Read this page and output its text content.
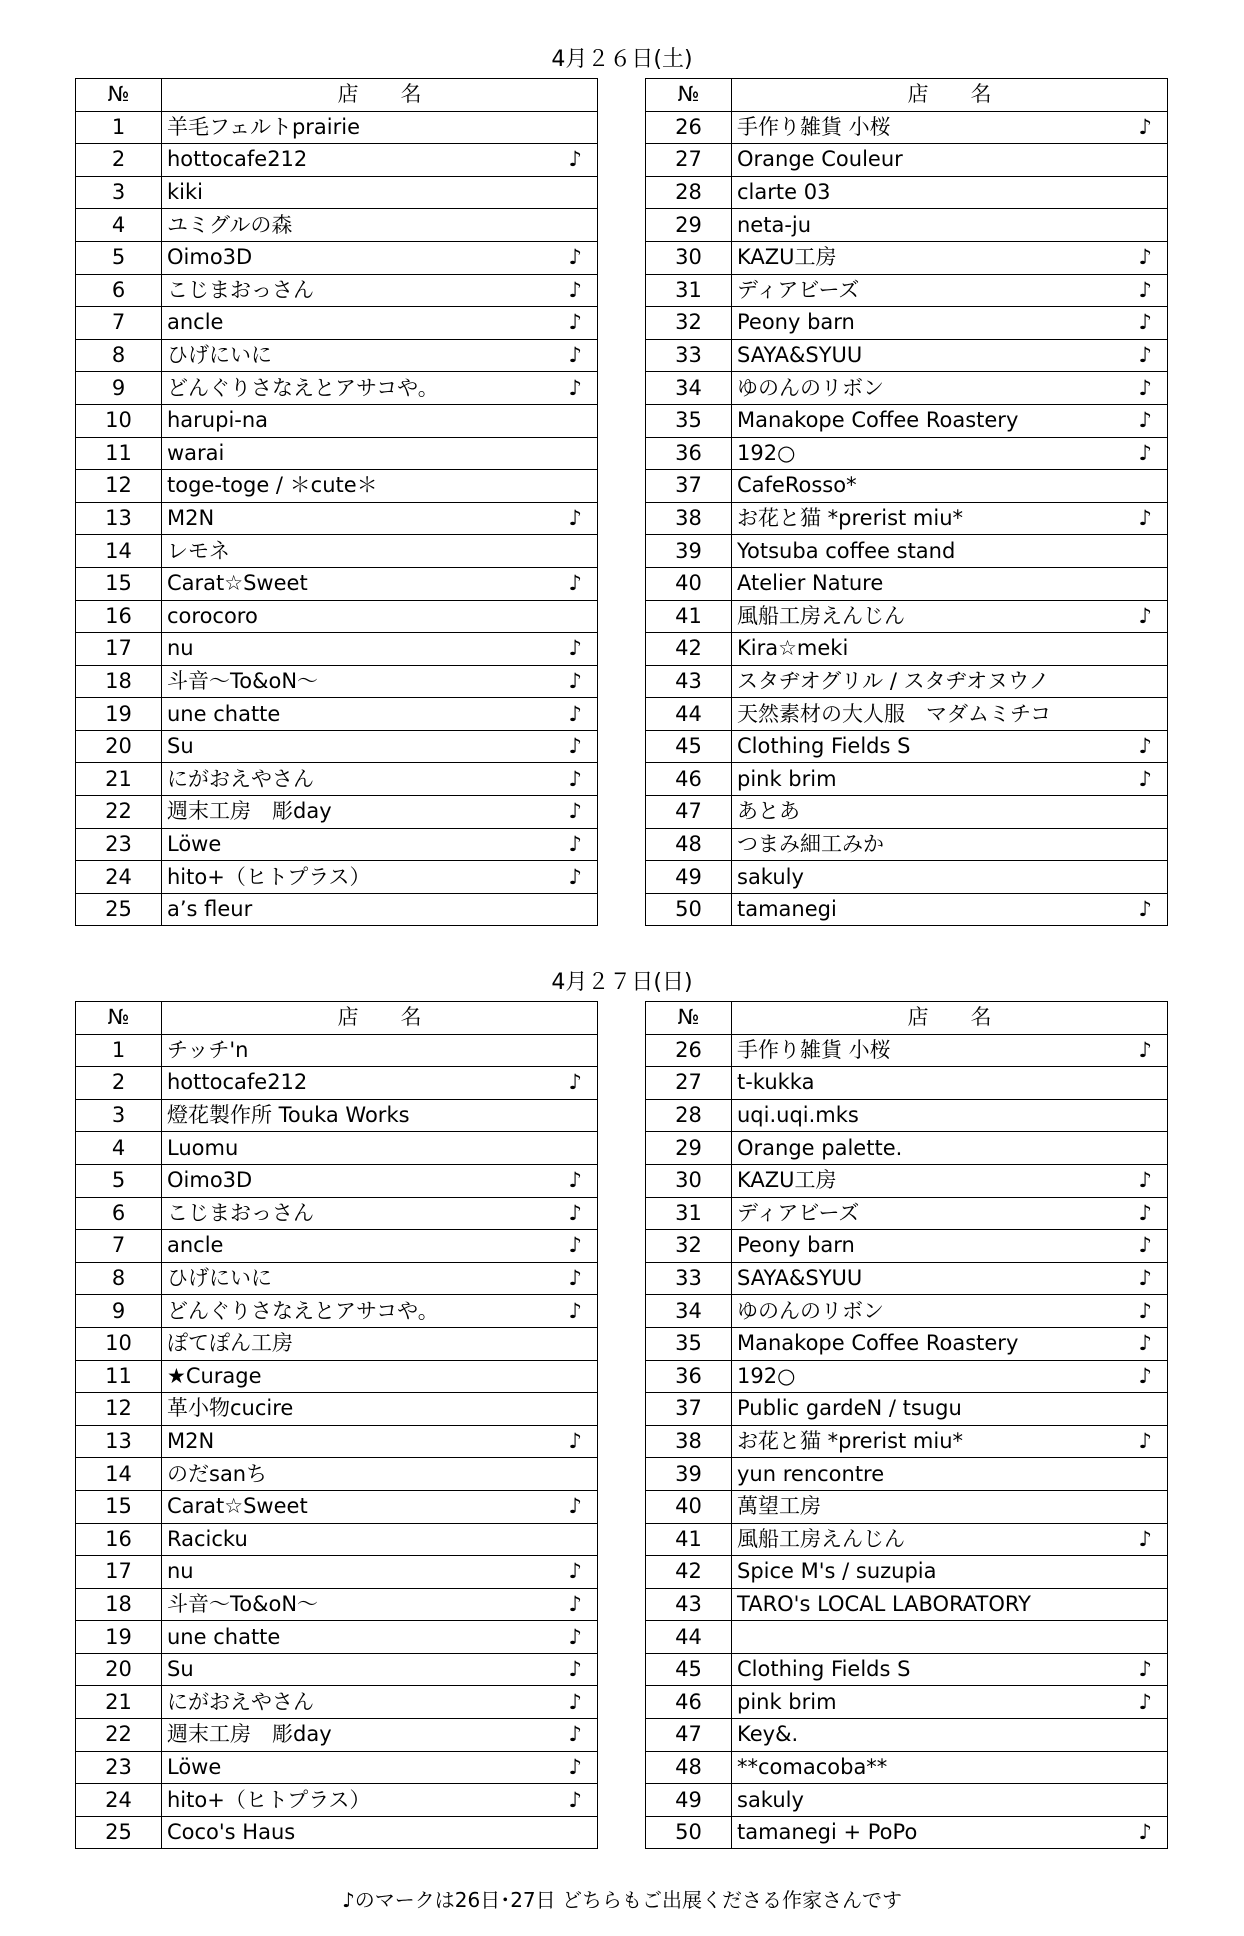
4月２６日(土)
№	店　　名	
1	羊毛フェルトprairie	
2	hottocafe212	♪
3	kiki	
4	ユミグルの森	
5	Oimo3D	♪
6	こじまおっさん	♪
7	ancle	♪
8	ひげにいに	♪
9	どんぐりさなえとアサコや。	♪
10	harupi-na	
11	warai	
12	toge-toge / ＊cute＊	
13	M2N	♪
14	レモネ	
15	Carat☆Sweet	♪
16	corocoro	
17	nu	♪
18	斗音～To&oN～	♪
19	une chatte	♪
20	Su	♪
21	にがおえやさん	♪
22	週末工房　彫day	♪
23	Löwe	♪
24	hito+（ヒトプラス）	♪
25	a’s fleur	
№	店　　名	
26	手作り雑貨 小桜	♪
27	Orange Couleur	
28	clarte 03	
29	neta-ju	
30	KAZU工房	♪
31	ディアビーズ	♪
32	Peony barn	♪
33	SAYA&SYUU	♪
34	ゆのんのリボン	♪
35	Manakope Coffee Roastery	♪
36	192○	♪
37	CafeRosso*	
38	お花と猫 *prerist miu*	♪
39	Yotsuba coffee stand	
40	Atelier Nature	
41	風船工房えんじん	♪
42	Kira☆meki	
43	スタヂオグリル / スタヂオヌウノ	
44	天然素材の大人服　マダムミチコ	
45	Clothing Fields S	♪
46	pink brim	♪
47	あとあ	
48	つまみ細工みか	
49	sakuly	
50	tamanegi	♪
4月２７日(日)
№	店　　名	
1	チッチ'n	
2	hottocafe212	♪
3	燈花製作所 Touka Works	
4	Luomu	
5	Oimo3D	♪
6	こじまおっさん	♪
7	ancle	♪
8	ひげにいに	♪
9	どんぐりさなえとアサコや。	♪
10	ぽてぽん工房	
11	★Curage	
12	革小物cucire	
13	M2N	♪
14	のだsanち	
15	Carat☆Sweet	♪
16	Racicku	
17	nu	♪
18	斗音～To&oN～	♪
19	une chatte	♪
20	Su	♪
21	にがおえやさん	♪
22	週末工房　彫day	♪
23	Löwe	♪
24	hito+（ヒトプラス）	♪
25	Coco's Haus	
№	店　　名	
26	手作り雑貨 小桜	♪
27	t-kukka	
28	uqi.uqi.mks	
29	Orange palette.	
30	KAZU工房	♪
31	ディアビーズ	♪
32	Peony barn	♪
33	SAYA&SYUU	♪
34	ゆのんのリボン	♪
35	Manakope Coffee Roastery	♪
36	192○	♪
37	Public gardeN / tsugu	
38	お花と猫 *prerist miu*	♪
39	yun rencontre	
40	萬望工房	
41	風船工房えんじん	♪
42	Spice M's / suzupia	
43	TARO's LOCAL LABORATORY	
44		
45	Clothing Fields S	♪
46	pink brim	♪
47	Key&.	
48	**comacoba**	
49	sakuly	
50	tamanegi + PoPo	♪
♪のマークは26日･27日 どちらもご出展くださる作家さんです
